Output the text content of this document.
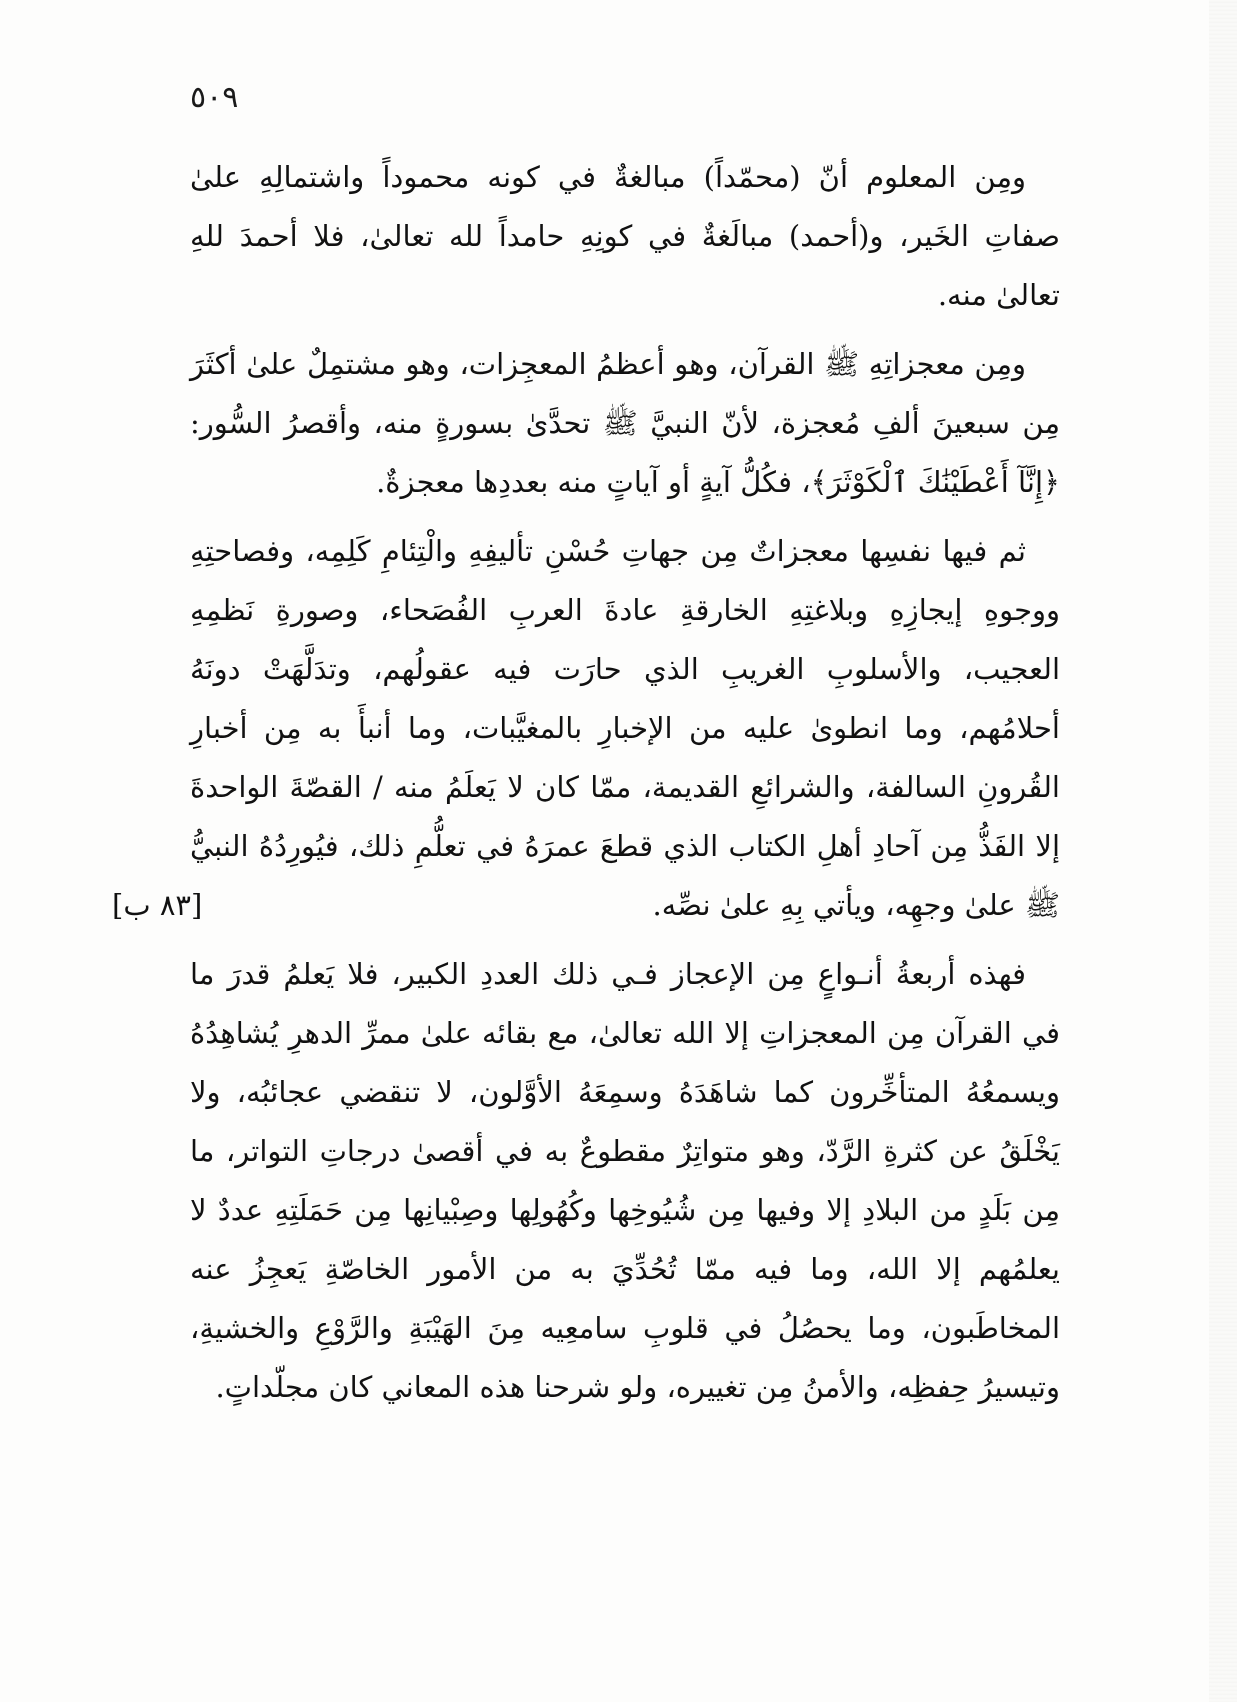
٥٠٩

ومِن المعلوم أنّ (محمّداً) مبالغةٌ في كونه محموداً واشتمالِهِ علىٰ صفاتِ الخَير، و(أحمد) مبالَغةٌ في كونِهِ حامداً لله تعالىٰ، فلا أحمدَ للهِ تعالىٰ منه.

ومِن معجزاتِهِ ﷺ القرآن، وهو أعظمُ المعجِزات، وهو مشتمِلٌ علىٰ أكثَرَ مِن سبعينَ ألفِ مُعجزة، لأنّ النبيَّ ﷺ تحدَّىٰ بسورةٍ منه، وأقصرُ السُّور: ﴿إِنَّآ أَعْطَيْنَٰكَ ٱلْكَوْثَرَ﴾، فكُلُّ آيةٍ أو آياتٍ منه بعددِها معجزةٌ.

ثم فيها نفسِها معجزاتٌ مِن جهاتِ حُسْنِ تأليفِهِ والْتِئامِ كَلِمِه، وفصاحتِهِ ووجوهِ إيجازِهِ وبلاغتِهِ الخارقةِ عادةَ العربِ الفُصَحاء، وصورةِ نَظمِهِ العجيب، والأسلوبِ الغريبِ الذي حارَت فيه عقولُهم، وتدَلَّهَتْ دونَهُ أحلامُهم، وما انطوىٰ عليه من الإخبارِ بالمغيَّبات، وما أنبأَ به مِن أخبارِ القُرونِ السالفة، والشرائعِ القديمة، ممّا كان لا يَعلَمُ منه / القصّةَ الواحدةَ إلا الفَذُّ مِن آحادِ أهلِ الكتاب الذي قطعَ عمرَهُ في تعلُّمِ ذلك، فيُورِدُهُ النبيُّ ﷺ علىٰ وجهِه، ويأتي بِهِ علىٰ نصِّه.
[٨٣ ب]

فهذه أربعةُ أنـواعٍ مِن الإعجاز فـي ذلك العددِ الكبير، فلا يَعلمُ قدرَ ما في القرآن مِن المعجزاتِ إلا الله تعالىٰ، مع بقائه علىٰ ممرِّ الدهرِ يُشاهِدُهُ ويسمعُهُ المتأخِّرون كما شاهَدَهُ وسمِعَهُ الأوَّلون، لا تنقضي عجائبُه، ولا يَخْلَقُ عن كثرةِ الرَّدّ، وهو متواتِرٌ مقطوعٌ به في أقصىٰ درجاتِ التواتر، ما مِن بَلَدٍ من البلادِ إلا وفيها مِن شُيُوخِها وكُهُولِها وصِبْيانِها مِن حَمَلَتِهِ عددٌ لا يعلمُهم إلا الله، وما فيه ممّا تُحُدِّيَ به من الأمور الخاصّةِ يَعجِزُ عنه المخاطَبون، وما يحصُلُ في قلوبِ سامعِيه مِنَ الهَيْبَةِ والرَّوْعِ والخشيةِ، وتيسيرُ حِفظِه، والأمنُ مِن تغييره، ولو شرحنا هذه المعاني كان مجلّداتٍ.
